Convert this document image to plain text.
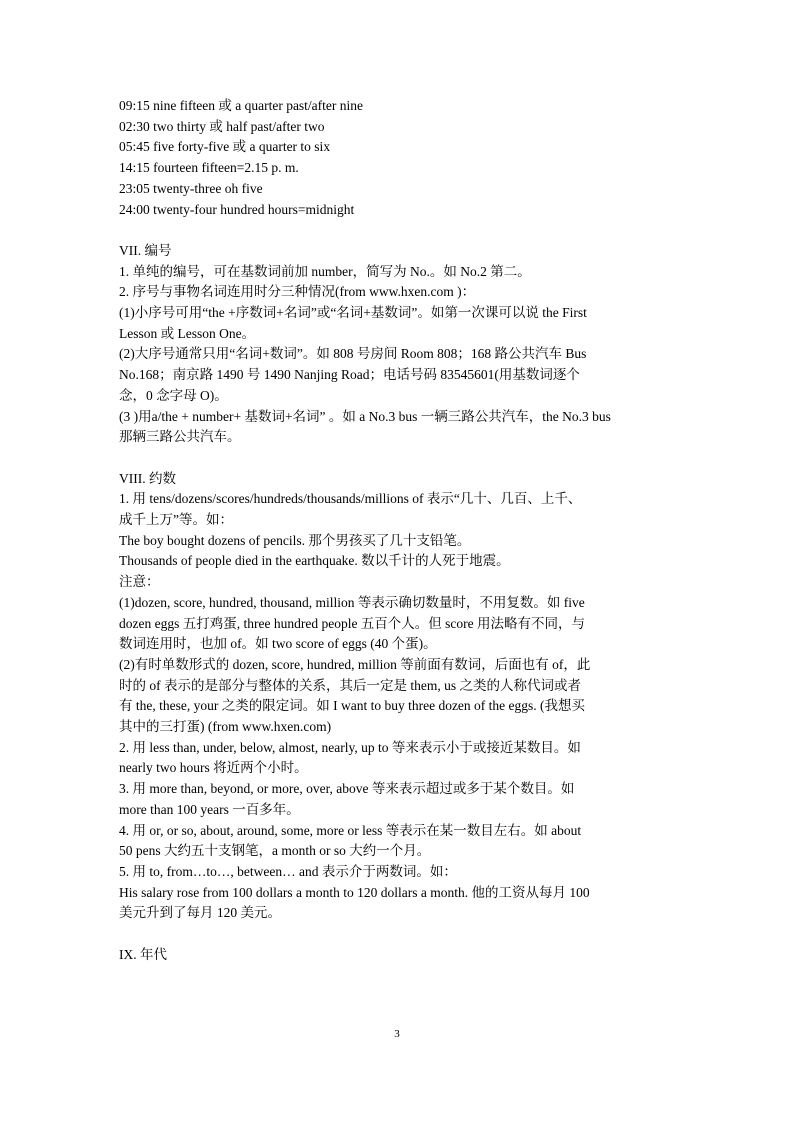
09:15 nine fifteen 或 a quarter past/after nine
02:30 two thirty 或 half past/after two
05:45 five forty-five 或 a quarter to six
14:15 fourteen fifteen=2.15 p. m.
23:05 twenty-three oh five
24:00 twenty-four hundred hours=midnight
VII. 编号
1. 单纯的编号，可在基数词前加 number，简写为 No.。如 No.2 第二。
2. 序号与事物名词连用时分三种情况(from www.hxen.com )：
(1)小序号可用“the +序数词+名词”或“名词+基数词”。如第一次课可以说 the First
Lesson 或 Lesson One。
(2)大序号通常只用“名词+数词”。如 808 号房间 Room 808；168 路公共汽车 Bus
No.168；南京路 1490 号 1490 Nanjing Road；电话号码 83545601(用基数词逐个
念，0 念字母 O)。
(3 )用a/the + number+ 基数词+名词” 。如 a No.3 bus 一辆三路公共汽车，the No.3 bus
那辆三路公共汽车。
VIII. 约数
1. 用 tens/dozens/scores/hundreds/thousands/millions of 表示“几十、几百、上千、
成千上万”等。如：
The boy bought dozens of pencils. 那个男孩买了几十支铅笔。
Thousands of people died in the earthquake. 数以千计的人死于地震。
注意：
(1)dozen, score, hundred, thousand, million 等表示确切数量时，不用复数。如 five
dozen eggs 五打鸡蛋, three hundred people 五百个人。但 score 用法略有不同，与
数词连用时，也加 of。如 two score of eggs (40 个蛋)。
(2)有时单数形式的 dozen, score, hundred, million 等前面有数词，后面也有 of，此
时的 of 表示的是部分与整体的关系，其后一定是 them, us 之类的人称代词或者
有 the, these, your 之类的限定词。如 I want to buy three dozen of the eggs. (我想买
其中的三打蛋) (from www.hxen.com)
2. 用 less than, under, below, almost, nearly, up to 等来表示小于或接近某数目。如
nearly two hours 将近两个小时。
3. 用 more than, beyond, or more, over, above 等来表示超过或多于某个数目。如
more than 100 years 一百多年。
4. 用 or, or so, about, around, some, more or less 等表示在某一数目左右。如 about
50 pens 大约五十支钢笔，a month or so 大约一个月。
5. 用 to, from…to…, between… and 表示介于两数词。如：
His salary rose from 100 dollars a month to 120 dollars a month. 他的工资从每月 100
美元升到了每月 120 美元。
IX. 年代
3
